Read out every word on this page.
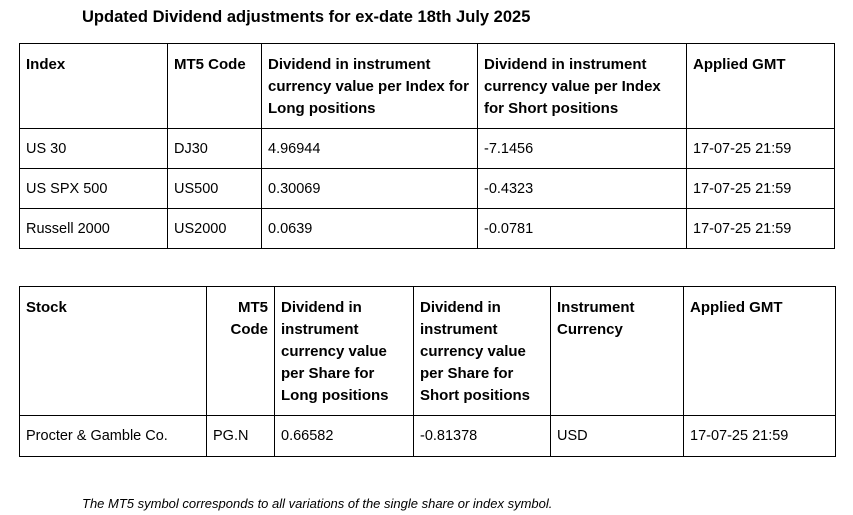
Updated Dividend adjustments for ex-date 18th July 2025
Index	MT5 Code	Dividend in instrument currency value per Index for Long positions	Dividend in instrument currency value per Index for Short positions	Applied GMT
US 30	DJ30	4.96944	-7.1456	17-07-25 21:59
US SPX 500	US500	0.30069	-0.4323	17-07-25 21:59
Russell 2000	US2000	0.0639	-0.0781	17-07-25 21:59
Stock	MT5 Code	Dividend in instrument currency value per Share for Long positions	Dividend in instrument currency value per Share for Short positions	Instrument Currency	Applied GMT
Procter & Gamble Co.	PG.N	0.66582	-0.81378	USD	17-07-25 21:59
The MT5 symbol corresponds to all variations of the single share or index symbol.
